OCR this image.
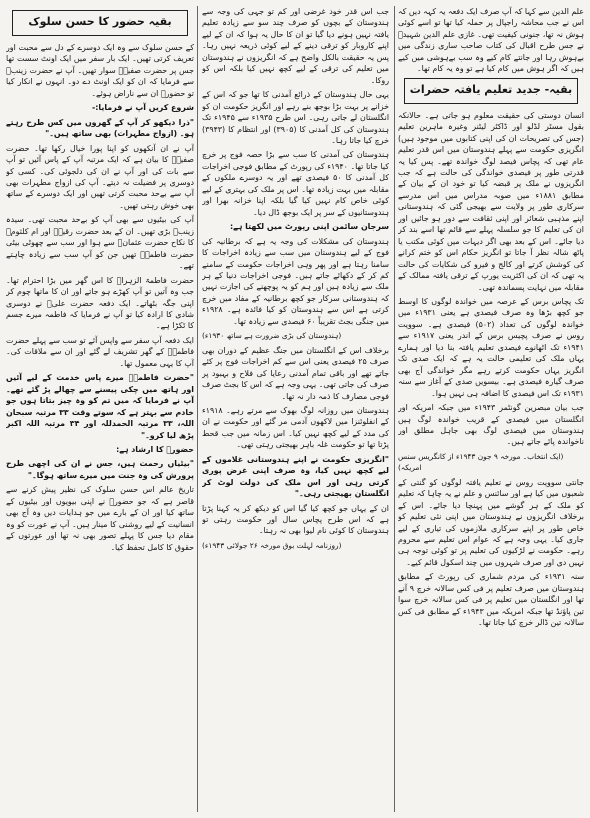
علم الدین سے کہا کہ آپ صرف ایک دفعہ یہ کہہ دیں کہ اس نے جب محاشہ راجپال پر حملہ کیا تھا تو اسے کوئی ہوش نہ تھا، جنونی کیفیت تھی۔ غازی علم الدین شہیدؒ نے جس طرح اقبال کی کتاب صاحب ساری زندگی میں بےہوش رہا اور جانتے کام کیے وہ سب بےہوشی میں کیے ہیں کہ اگر ہوش میں کام کیا ہے تو وہ یہ کام تھا۔

بقیہ- جدید تعلیم یافتہ حضرات

انسان دوستی کی حقیقت معلوم ہو جاتی ہے۔ حالانکہ بقول مسٹر لڈلو اور ڈاکٹر لیٹنر وغیرہ ماہرین تعلیم (جس کی تصریحات ان کی اپنی کتابوں میں موجود ہیں) انگریزی حکومت سے پہلے ہندوستان میں اس قدر تعلیم عام تھی کہ پچاس فیصد لوگ خواندہ تھے۔ پس کیا یہ قدرتی طور پر فیصدی خواندگی کی حالت ہے کہ جب انگریزوں نے ملک پر قبضہ کیا تو خود ان کے بیان کے مطابق ۱۸۸۱ء میں صوبہ مدراس میں اس مدرسے سرکاری طور پر ولایت سے بھیجی گئی کہ ہندوستانی اپنے مذہبی شعائر اور اپنی ثقافت سے دور ہو جائیں اور ان کی تعلیم کا جو سلسلہ پہلے سے قائم تھا اسے بند کر دیا جائے۔ اس کے بعد بھی اگر دیہات میں کوئی مکتب یا پاٹھ شالہ نظر آ جاتا تو انگریز حکام اس کو ختم کرانے کی کوشش کرتے اور کالج و فیرو کی شکایات کی حالت یہ تھی کہ ان کی اکثریت یورپ کے ترقی یافتہ ممالک کے مقابلہ میں نہایت پسماندہ تھی۔

تک پچاس برس کے عرصہ میں خواندہ لوگوں کا اوسط جو کچھ بڑھا وہ صرف فیصدی ہے یعنی ۱۹۳۱ء میں خواندہ لوگوں کی تعداد (۵۰۲) فیصدی ہے۔ سوویت روس نے صرف پچیس برس کے اندر یعنی ۱۹۱۷ء سے ۱۹۴۱ء تک اٹھانوے فیصدی تعلیم یافتہ بنا دیا اور ہمارے یہاں ملک کی تعلیمی حالت یہ ہے کہ ایک صدی تک انگریز یہاں حکومت کرتے رہے مگر خواندگی آج بھی صرف گیارہ فیصدی ہے۔ بیسویں صدی کے آغاز سے سنہ ۱۹۳۱ء تک اس فیصدی کا اضافہ ہی نہیں ہوا۔

جب بیان مبصرین گونٹمر ۱۹۴۳ء میں جبکہ امریکہ اور انگلستان میں فیصدی کے قریب خواندہ لوگ ہیں ہندوستان میں فیصدی لوگ بھی جاہل مطلق اور ناخواندہ پائے جاتے ہیں۔

(ایک انتخاب۔ مورخہ ۹ جون ۱۹۴۳ء از کانگریس سنس امریکہ)

جانتی سوویت روس نے تعلیم یافتہ لوگوں کو گنتی کے شعبوں میں کیا ہے اور سائنس و علم نے یہ چاہا کہ تعلیم کو ملک کے ہر گوشے میں پہنچا دیا جائے۔ اس کے برخلاف انگریزوں نے ہندوستان میں اپنی نئی تعلیم کو خاص طور پر اپنے سرکاری ملازموں کی تیاری کے لیے جاری کیا۔ یہی وجہ ہے کہ عوام اس تعلیم سے محروم رہے۔ حکومت نے لڑکیوں کی تعلیم پر تو کوئی توجہ ہی نہیں دی اور صرف شہروں میں چند اسکول قائم کیے۔

سنہ ۱۹۳۱ء کی مردم شماری کی رپورٹ کے مطابق ہندوستان میں صرف تعلیم پر فی کس سالانہ خرچ ۹ آنے تھا اور انگلستان میں تعلیم پر فی کس سالانہ خرچ سوا تین پاؤنڈ تھا جبکہ امریکہ میں ۱۹۴۳ء کے مطابق فی کس سالانہ تین ڈالر خرچ کیا جاتا تھا۔

جب اس قدر خود غرضی اور کم تو جہی کی وجہ سے ہندوستان کے بچوں کو صرف چند سو سے زیادہ تعلیم یافتہ نہیں ہونے دیا گیا تو ان کا حال یہ ہوا کہ ان کے لیے اپنے کاروبار کو ترقی دینے کے لیے کوئی ذریعہ نہیں رہا۔ پس یہ حقیقت بالکل واضح ہے کہ انگریزوں نے ہندوستان میں تعلیم کی ترقی کے لیے کچھ نہیں کیا بلکہ اس کو روکا۔

یہی حال ہندوستان کے ذرائع آمدنی کا تھا جو کہ اس کے خزانے پر بہت بڑا بوجھ بنے رہے اور انگریز حکومت ان کو انگلستان لے جاتی رہی۔ اس طرح ۱۹۳۵ء سے ۱۹۴۵ء تک ہندوستان کی کل آمدنی کا (۳۹۰۵) اور انتظام کا (۳۹۴۳) خرچ کیا جاتا رہا۔

ہندوستان کی آمدنی کا سب سے بڑا حصہ فوج پر خرچ کیا جاتا تھا۔ ۱۹۴۰ء کی رپورٹ کے مطابق فوجی اخراجات کل آمدنی کا ۵۰ فیصدی تھے اور یہ دوسرے ملکوں کے مقابلہ میں بہت زیادہ تھا۔ اس پر ملک کی بہتری کے لیے کوئی خاص کام نہیں کیا گیا بلکہ اپنا خزانہ بھرا اور ہندوستانیوں کے سر پر ایک بوجھ ڈال دیا۔

سرجان سائمن اپنی رپورٹ میں لکھتا ہے:

ہندوستان کی مشکلات کی وجہ یہ ہے کہ برطانیہ کی فوج کے لیے ہندوستان میں سب سے زیادہ اخراجات کا سامنا رہتا ہے اور پھر وہی اخراجات حکومت کے سامنے کم کر کے دکھائے جاتے ہیں۔ فوجی اخراجات دنیا کے ہر ملک سے زیادہ ہیں اور ہم کو یہ پوچھنے کی اجازت نہیں کہ ہندوستانی سرکار جو کچھ برطانیہ کے مفاد میں خرچ کرتی ہے اس سے ہندوستان کو کیا فائدہ ہے۔ ۱۹۲۸ء میں جنگی بجٹ تقریباً ۶۰ فیصدی سے زیادہ تھا۔

(ہندوستان کی بڑی ضرورت ہے ساتھ ۱۹۳۰ء)

برخلاف اس کے انگلستان میں جنگ عظیم کے دوران بھی صرف ۲۵ فیصدی یعنی اس سے کم اخراجات فوج پر کئے جاتے تھے اور باقی تمام آمدنی رعایا کی فلاح و بہبود پر صرف کی جاتی تھی۔ یہی وجہ ہے کہ اس کا بجٹ صرف فوجی مصارف کا ذمہ دار نہ تھا۔

ہندوستان میں روزانہ لوگ بھوک سے مرتے رہے۔ ۱۹۱۸ء کے انفلوئنزا میں لاکھوں آدمی مر گئے اور حکومت نے ان کی مدد کے لیے کچھ نہیں کیا۔ اس زمانہ میں جب قحط پڑتا تھا تو حکومت غلہ باہر بھیجتی رہتی تھی۔

"انگریزی حکومت نے اپنے ہندوستانی غلاموں کے لیے کچھ نہیں کیا، وہ صرف اپنی غرض پوری کرتی رہی اور اس ملک کی دولت لوٹ کر انگلستان بھیجتی رہی۔"

ان کے یہاں جو کچھ کیا گیا اس کو دیکھ کر یہ کہنا پڑتا ہے کہ اس طرح پچاس سال اور حکومت رہتی تو ہندوستان کا کوئی نام لیوا بھی نہ رہتا۔

(روزنامہ لہلت بوق مورخہ ۲۶ جولائی ۱۹۴۳ء)

بقیہ حضور کا حسن سلوک

کے حسن سلوک سے وہ ایک دوسرے کے دل سے محبت اور تعریف کرتی تھیں۔ ایک بار سفر میں ایک اونٹ سست تھا جس پر حضرت صفیہؓ سوار تھیں۔ آپ نے حضرت زینبؓ سے فرمایا کہ ان کو ایک اونٹ دے دو۔ انہوں نے انکار کیا تو حضورؐ ان سے ناراض ہوئے۔

شروع کریں آپ نے فرمایا:-

"ذرا دیکھو کر آپ کے گھروں میں کس طرح رہتے ہو۔ (ازواج مطہرات) بھی ساتھ ہیں۔"

آپ نے ان آنکھوں کو اپنا پورا خیال رکھا تھا۔ حضرت صفیہؓ کا بیان ہے کہ ایک مرتبہ آپ کے پاس آئیں تو آپ سے بات کی اور آپ نے ان کی دلجوئی کی۔ کسی کو دوسری پر فضیلت نہ دیتے۔ آپ کی ازواج مطہرات بھی آپ سے بےحد محبت کرتی تھیں اور ایک دوسرے کے ساتھ بھی خوش رہتی تھیں۔

آپ کی بیٹیوں سے بھی آپ کو بےحد محبت تھی۔ سیدہ زینبؓ بڑی تھیں۔ ان کے بعد حضرت رقیہؓ اور ام کلثومؓ کا نکاح حضرت عثمانؓ سے ہوا اور سب سے چھوٹی بیٹی حضرت فاطمہؓ تھیں جن کو آپ سب سے زیادہ چاہتے تھے۔

حضرت فاطمۃ الزہراؓ کا اس گھر میں بڑا احترام تھا۔ جب وہ آتیں تو آپ کھڑے ہو جاتے اور ان کا ماتھا چوم کر اپنی جگہ بٹھاتے۔ ایک دفعہ حضرت علیؓ نے دوسری شادی کا ارادہ کیا تو آپ نے فرمایا کہ فاطمہ میرے جسم کا ٹکڑا ہے۔

ایک دفعہ آپ سفر سے واپس آئے تو سب سے پہلے حضرت فاطمہؓ کے گھر تشریف لے گئے اور ان سے ملاقات کی۔ آپ کا یہی معمول تھا۔

"حضرت فاطمہؓ میرے پاس خدمت کے لیے آئیں اور ہاتھ میں چکی پیسنے سے چھالے پڑ گئے تھے۔ آپ نے فرمایا کہ میں تم کو وہ چیز بتاتا ہوں جو خادم سے بہتر ہے کہ سوتے وقت ۳۳ مرتبہ سبحان اللہ، ۳۳ مرتبہ الحمدللہ اور ۳۴ مرتبہ اللہ اکبر پڑھ لیا کرو۔"

حضورؐ کا ارشاد ہے:

"بیٹیاں رحمت ہیں، جس نے ان کی اچھی طرح پرورش کی وہ جنت میں میرے ساتھ ہوگا۔"

تاریخ عالم اس حسن سلوک کی نظیر پیش کرنے سے قاصر ہے کہ جو حضورؐ نے اپنی بیویوں اور بیٹیوں کے ساتھ کیا اور ان کے بارے میں جو ہدایات دیں وہ آج بھی انسانیت کے لیے روشنی کا مینار ہیں۔ آپ نے عورت کو وہ مقام دیا جس کا پہلے تصور بھی نہ تھا اور عورتوں کے حقوق کا کامل تحفظ کیا۔
